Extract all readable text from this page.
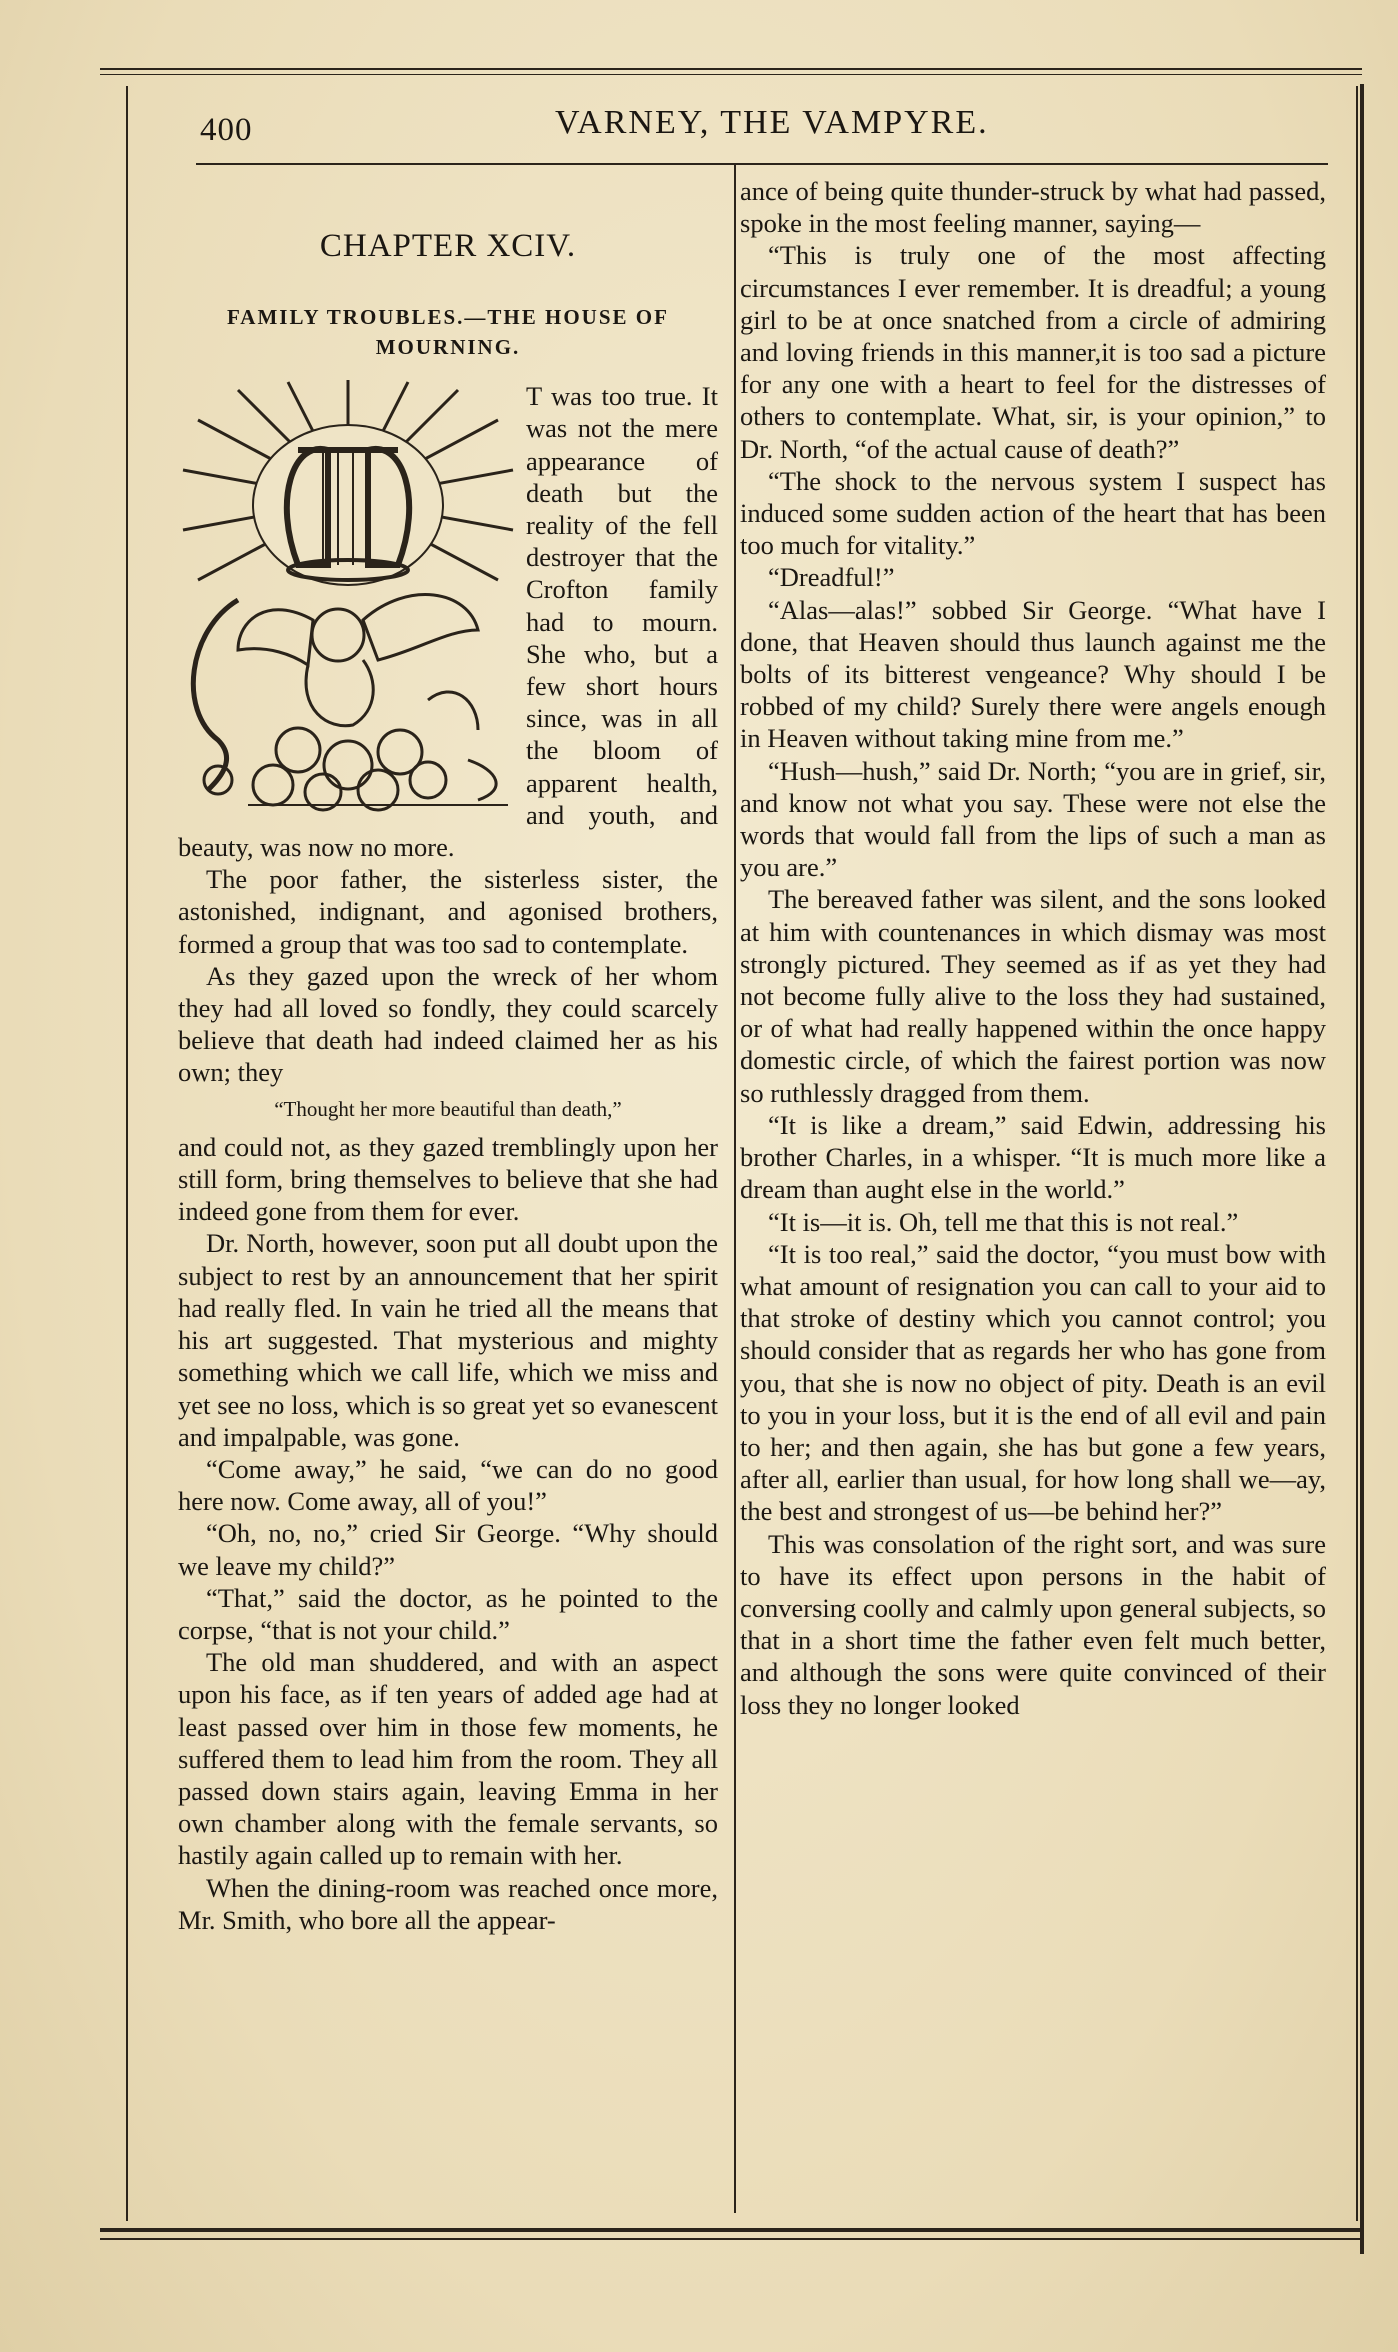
400	VARNEY, THE VAMPYRE.
CHAPTER XCIV.
FAMILY TROUBLES.—THE HOUSE OF MOURNING.

T was too true. It was not the mere appearance of death but the reality of the fell destroyer that the Crofton family had to mourn. She who, but a few short hours since, was in all the bloom of apparent health, and youth, and beauty, was now no more.

The poor father, the sisterless sister, the astonished, indignant, and agonised brothers, formed a group that was too sad to contemplate.

As they gazed upon the wreck of her whom they had all loved so fondly, they could scarcely believe that death had indeed claimed her as his own; they

“Thought her more beautiful than death,”

and could not, as they gazed tremblingly upon her still form, bring themselves to believe that she had indeed gone from them for ever.

Dr. North, however, soon put all doubt upon the subject to rest by an announcement that her spirit had really fled. In vain he tried all the means that his art suggested. That mysterious and mighty something which we call life, which we miss and yet see no loss, which is so great yet so evanescent and impalpable, was gone.

“Come away,” he said, “we can do no good here now. Come away, all of you!”

“Oh, no, no,” cried Sir George. “Why should we leave my child?”

“That,” said the doctor, as he pointed to the corpse, “that is not your child.”

The old man shuddered, and with an aspect upon his face, as if ten years of added age had at least passed over him in those few moments, he suffered them to lead him from the room. They all passed down stairs again, leaving Emma in her own chamber along with the female servants, so hastily again called up to remain with her.

When the dining-room was reached once more, Mr. Smith, who bore all the appear-

ance of being quite thunder-struck by what had passed, spoke in the most feeling manner, saying—

“This is truly one of the most affecting circumstances I ever remember. It is dreadful; a young girl to be at once snatched from a circle of admiring and loving friends in this manner,it is too sad a picture for any one with a heart to feel for the distresses of others to contemplate. What, sir, is your opinion,” to Dr. North, “of the actual cause of death?”

“The shock to the nervous system I suspect has induced some sudden action of the heart that has been too much for vitality.”

“Dreadful!”

“Alas—alas!” sobbed Sir George. “What have I done, that Heaven should thus launch against me the bolts of its bitterest vengeance? Why should I be robbed of my child? Surely there were angels enough in Heaven without taking mine from me.”

“Hush—hush,” said Dr. North; “you are in grief, sir, and know not what you say. These were not else the words that would fall from the lips of such a man as you are.”

The bereaved father was silent, and the sons looked at him with countenances in which dismay was most strongly pictured. They seemed as if as yet they had not become fully alive to the loss they had sustained, or of what had really happened within the once happy domestic circle, of which the fairest portion was now so ruthlessly dragged from them.

“It is like a dream,” said Edwin, addressing his brother Charles, in a whisper. “It is much more like a dream than aught else in the world.”

“It is—it is. Oh, tell me that this is not real.”

“It is too real,” said the doctor, “you must bow with what amount of resignation you can call to your aid to that stroke of destiny which you cannot control; you should consider that as regards her who has gone from you, that she is now no object of pity. Death is an evil to you in your loss, but it is the end of all evil and pain to her; and then again, she has but gone a few years, after all, earlier than usual, for how long shall we—ay, the best and strongest of us—be behind her?”

This was consolation of the right sort, and was sure to have its effect upon persons in the habit of conversing coolly and calmly upon general subjects, so that in a short time the father even felt much better, and although the sons were quite convinced of their loss they no longer looked
